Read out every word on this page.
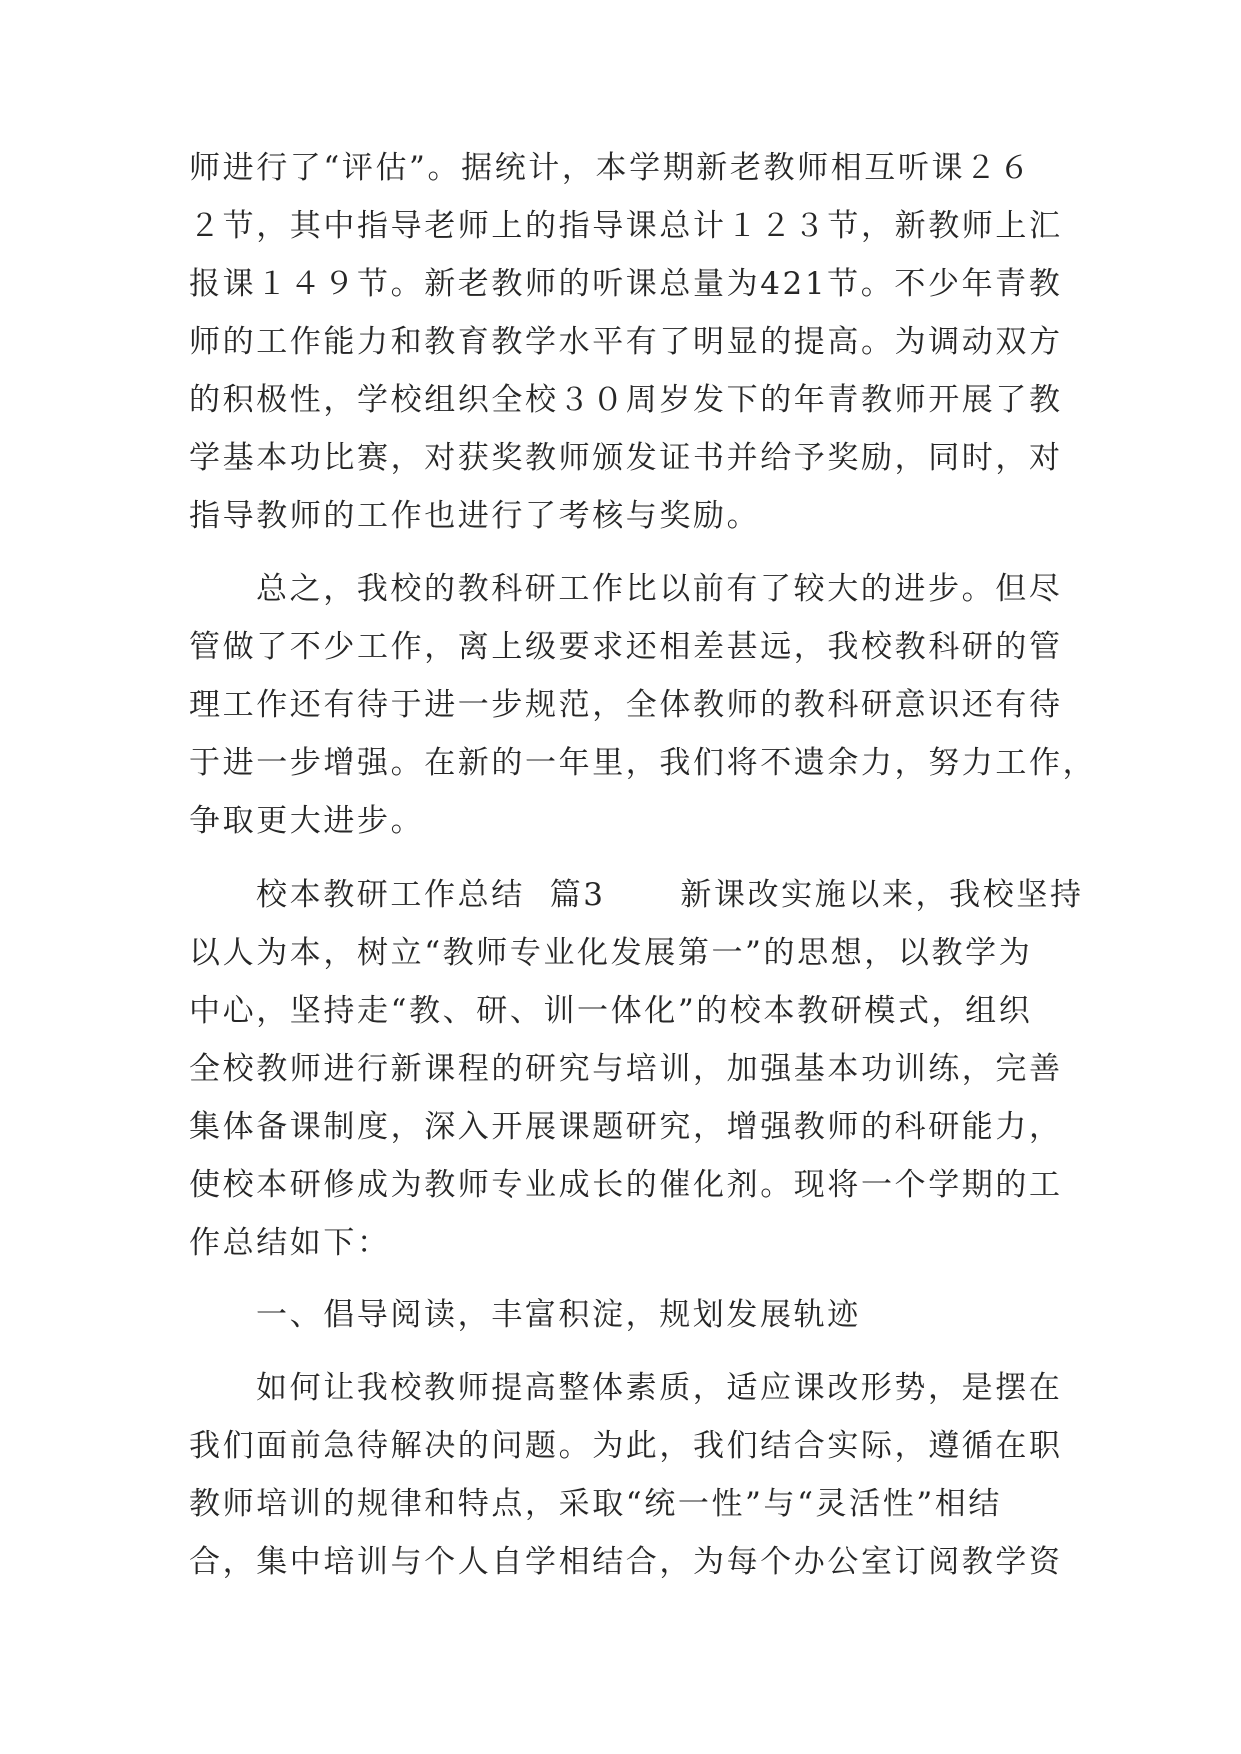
师进行了“评估”。据统计，本学期新老教师相互听课２６
２节，其中指导老师上的指导课总计１２３节，新教师上汇
报课１４９节。新老教师的听课总量为421节。不少年青教
师的工作能力和教育教学水平有了明显的提高。为调动双方
的积极性，学校组织全校３０周岁发下的年青教师开展了教
学基本功比赛，对获奖教师颁发证书并给予奖励，同时，对
指导教师的工作也进行了考核与奖励。
总之，我校的教科研工作比以前有了较大的进步。但尽
管做了不少工作，离上级要求还相差甚远，我校教科研的管
理工作还有待于进一步规范，全体教师的教科研意识还有待
于进一步增强。在新的一年里，我们将不遗余力，努力工作，
争取更大进步。
校本教研工作总结  篇3      新课改实施以来，我校坚持
以人为本，树立“教师专业化发展第一”的思想，以教学为
中心，坚持走“教、研、训一体化”的校本教研模式，组织
全校教师进行新课程的研究与培训，加强基本功训练，完善
集体备课制度，深入开展课题研究，增强教师的科研能力，
使校本研修成为教师专业成长的催化剂。现将一个学期的工
作总结如下：
一、倡导阅读，丰富积淀，规划发展轨迹
如何让我校教师提高整体素质，适应课改形势，是摆在
我们面前急待解决的问题。为此，我们结合实际，遵循在职
教师培训的规律和特点，采取“统一性”与“灵活性”相结
合，集中培训与个人自学相结合，为每个办公室订阅教学资
